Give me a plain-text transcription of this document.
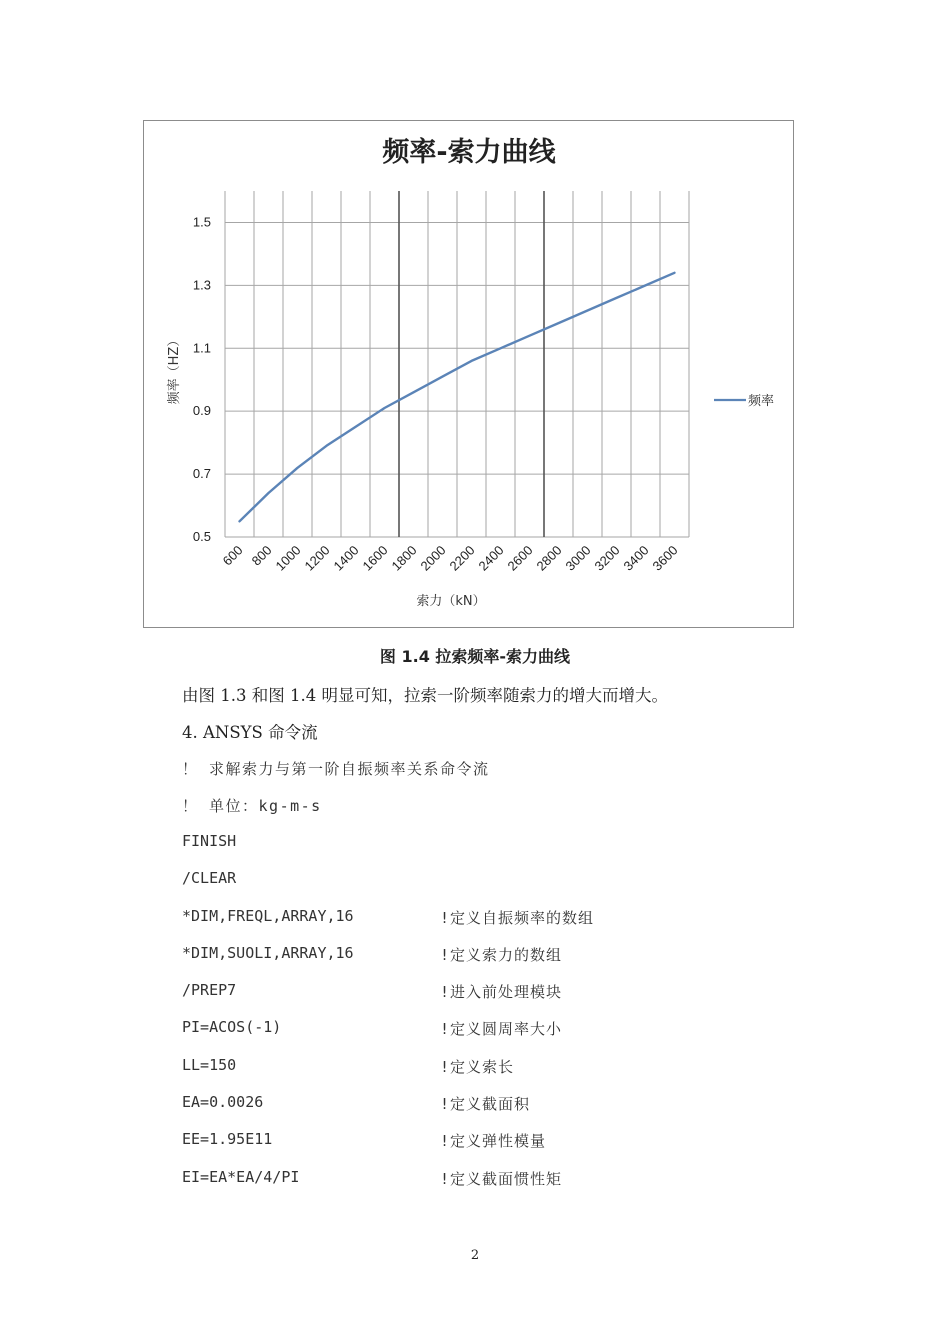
频率-索力曲线
0.5
0.7
0.9
1.1
1.3
1.5
600 800
1000
1200
1400
1600
1800
2000
2200
2400
2600
2800
3000
3200
3400
3600
索力（kN）
频率（HZ）	频率
图 1.4 拉索频率-索力曲线
由图 1.3 和图 1.4 明显可知，拉索一阶频率随索力的增大而增大。
4. ANSYS 命令流
！ 求解索力与第一阶自振频率关系命令流
！ 单位：kg-m-s
FINISH
/CLEAR
*DIM,FREQL,ARRAY,16	!定义自振频率的数组
*DIM,SUOLI,ARRAY,16	!定义索力的数组
/PREP7	!进入前处理模块
PI=ACOS(-1)	!定义圆周率大小
LL=150	!定义索长
EA=0.0026	!定义截面积
EE=1.95E11	!定义弹性模量
EI=EA*EA/4/PI	!定义截面惯性矩
2
